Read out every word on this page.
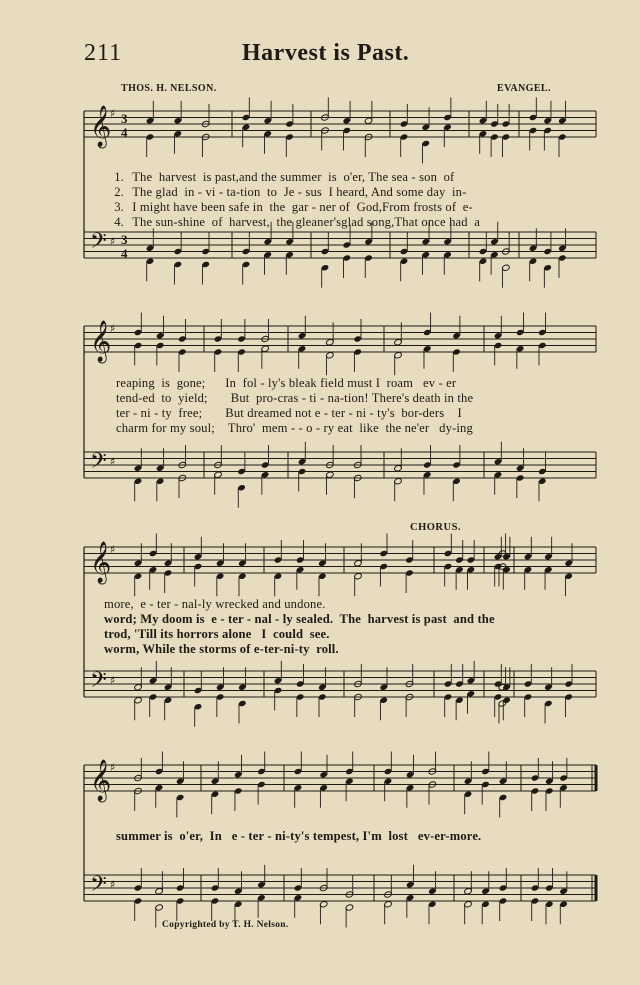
211	Harvest is Past.
THOS. H. NELSON.	EVANGEL.
𝄞
♯ 3
4
𝄢 ♯ 3
4

1. The  harvest  is past,and the summer  is  o'er, The sea - son  of

2. The glad  in - vi - ta-tion  to  Je - sus  I heard, And some day  in-

3. I might have been safe in  the  gar - ner of  God,From frosts of  e-

4. The sun-shine  of  harvest,  the gleaner'sglad song,That once had  a

𝄞
♯
𝄢 ♯
reaping  is  gone;      In  fol - ly's bleak field must I  roam   ev - er
tend-ed  to  yield;       But  pro-cras - ti - na-tion! There's death in the
ter - ni - ty  free;       But dreamed not e - ter - ni - ty's  bor-ders    I
charm for my soul;    Thro'  mem - - o - ry eat  like  the ne'er   dy-ing
CHORUS.
𝄞
♯
𝄢 ♯
more,  e - ter - nal-ly wrecked and undone.
word; My doom is  e - ter - nal - ly sealed.  The  harvest is past  and the
trod, 'Till its horrors alone   I  could  see.
worm, While the storms of e-ter-ni-ty  roll.
𝄞
♯
𝄢 ♯
summer is  o'er,  In   e - ter - ni-ty's tempest, I'm  lost   ev-er-more.
Copyrighted by T. H. Nelson.
